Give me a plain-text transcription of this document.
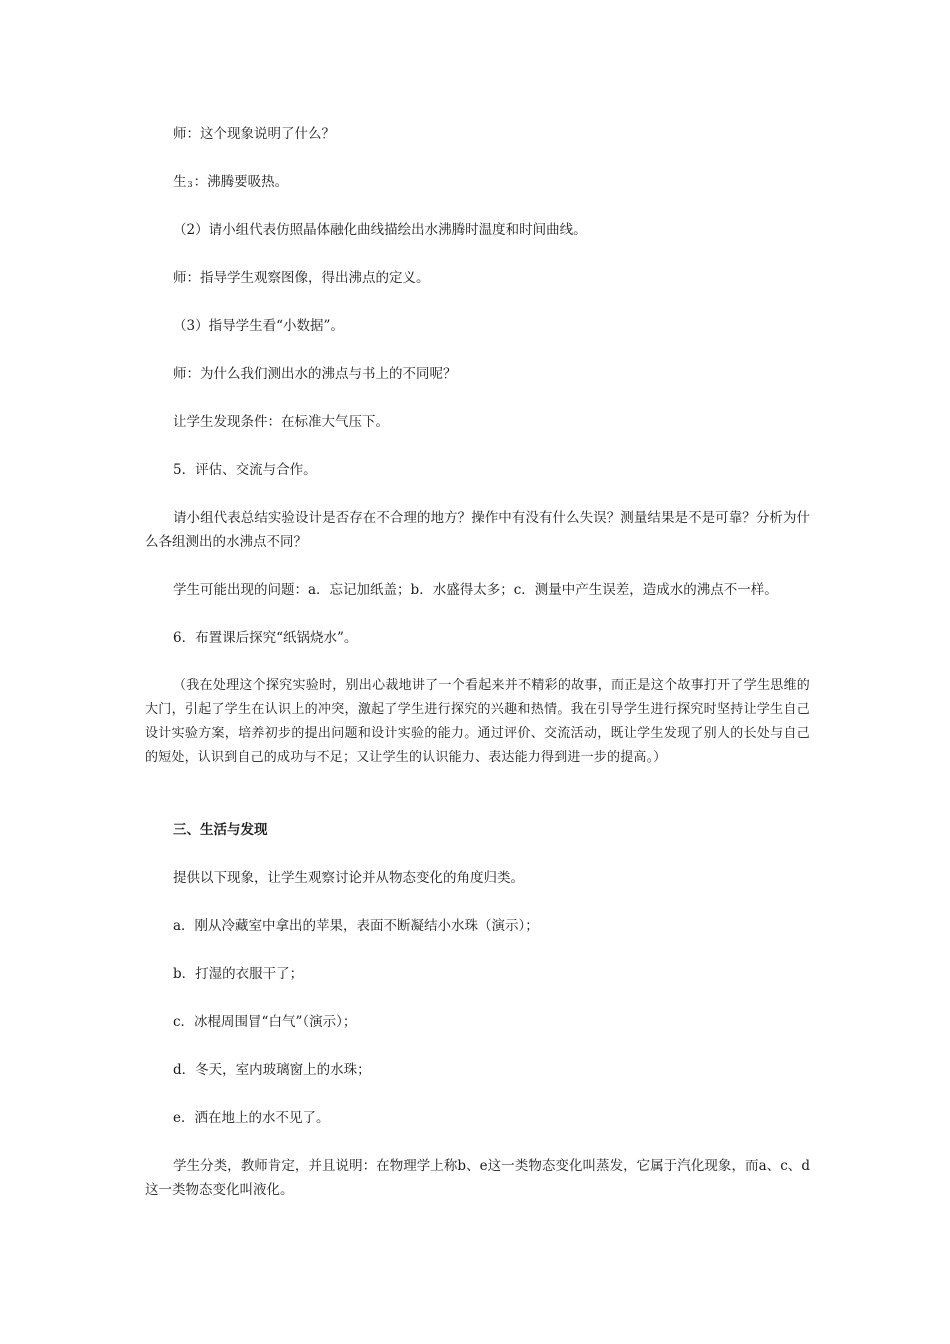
师：这个现象说明了什么？
生3：沸腾要吸热。
（2）请小组代表仿照晶体融化曲线描绘出水沸腾时温度和时间曲线。
师：指导学生观察图像，得出沸点的定义。
（3）指导学生看“小数据”。
师：为什么我们测出水的沸点与书上的不同呢？
让学生发现条件：在标准大气压下。
5．评估、交流与合作。
请小组代表总结实验设计是否存在不合理的地方？操作中有没有什么失误？测量结果是不是可靠？分析为什么各组测出的水沸点不同？
学生可能出现的问题：a．忘记加纸盖；b．水盛得太多；c．测量中产生误差，造成水的沸点不一样。
6．布置课后探究“纸锅烧水”。
（我在处理这个探究实验时，别出心裁地讲了一个看起来并不精彩的故事，而正是这个故事打开了学生思维的大门，引起了学生在认识上的冲突，激起了学生进行探究的兴趣和热情。我在引导学生进行探究时坚持让学生自己设计实验方案，培养初步的提出问题和设计实验的能力。通过评价、交流活动，既让学生发现了别人的长处与自己的短处，认识到自己的成功与不足；又让学生的认识能力、表达能力得到进一步的提高。）
三、生活与发现
提供以下现象，让学生观察讨论并从物态变化的角度归类。
a．刚从冷藏室中拿出的苹果，表面不断凝结小水珠（演示）；
b．打湿的衣服干了；
c．冰棍周围冒“白气”（演示）；
d．冬天，室内玻璃窗上的水珠；
e．洒在地上的水不见了。
学生分类，教师肯定，并且说明：在物理学上称b、e这一类物态变化叫蒸发，它属于汽化现象，而a、c、d这一类物态变化叫液化。
